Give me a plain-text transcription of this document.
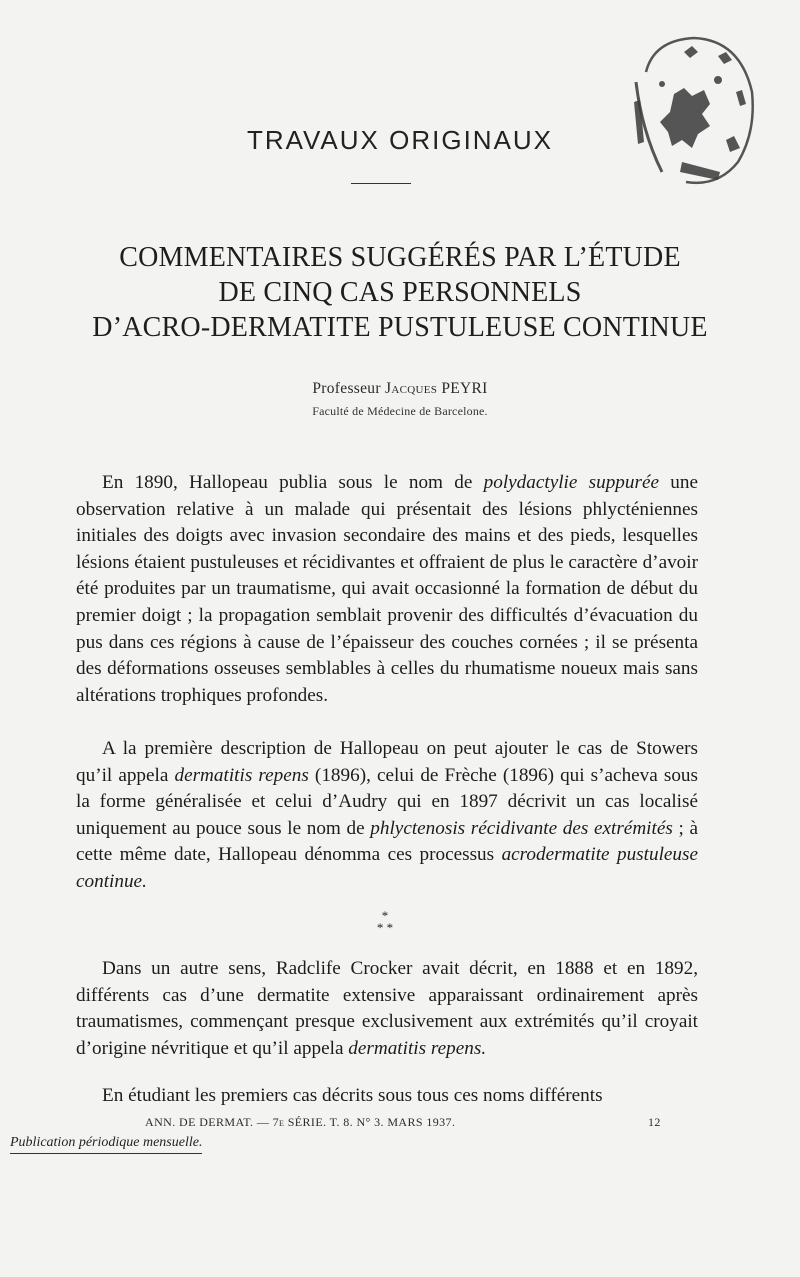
TRAVAUX ORIGINAUX
COMMENTAIRES SUGGÉRÉS PAR L’ÉTUDE
DE CINQ CAS PERSONNELS
D’ACRO-DERMATITE PUSTULEUSE CONTINUE
Professeur Jacques PEYRI
Faculté de Médecine de Barcelone.

En 1890, Hallopeau publia sous le nom de polydactylie suppurée une observation relative à un malade qui présentait des lésions phlycténiennes initiales des doigts avec invasion secondaire des mains et des pieds, lesquelles lésions étaient pustuleuses et récidivantes et offraient de plus le caractère d’avoir été produites par un traumatisme, qui avait occasionné la formation de début du premier doigt ; la propagation semblait provenir des difficultés d’évacuation du pus dans ces régions à cause de l’épaisseur des couches cornées ; il se présenta des déformations osseuses semblables à celles du rhumatisme noueux mais sans altérations trophiques profondes.

A la première description de Hallopeau on peut ajouter le cas de Stowers qu’il appela dermatitis repens (1896), celui de Frèche (1896) qui s’acheva sous la forme généralisée et celui d’Audry qui en 1897 décrivit un cas localisé uniquement au pouce sous le nom de phlyctenosis récidivante des extrémités ; à cette même date, Hallopeau dénomma ces processus acrodermatite pustuleuse continue.

*
* *

Dans un autre sens, Radclife Crocker avait décrit, en 1888 et en 1892, différents cas d’une dermatite extensive apparaissant ordinairement après traumatismes, commençant presque exclusivement aux extrémités qu’il croyait d’origine névritique et qu’il appela dermatitis repens.

En étudiant les premiers cas décrits sous tous ces noms différents

ANN. DE DERMAT. — 7e SÉRIE. T. 8. N° 3. MARS 1937.	12
Publication périodique mensuelle.
